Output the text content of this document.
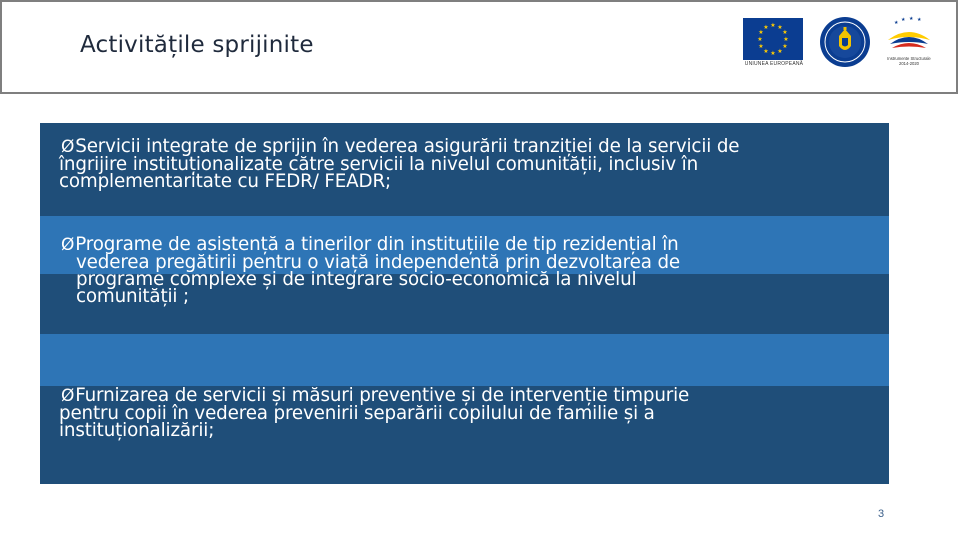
Activitățile sprijinite
★ ★
★
★
★
★
★
★
★
★
★
★
UNIUNEA EUROPEANĂ
★ ★ ★ ★
Instrumente Structurale 2014-2020
ØServicii integrate de sprijin în vederea asigurării tranziției de la servicii de
îngrijire instituționalizate către servicii la nivelul comunității, inclusiv în
complementaritate cu FEDR/ FEADR;
ØPrograme de asistență a tinerilor din instituțiile de tip rezidențial în
vederea pregătirii pentru o viață independentă prin dezvoltarea de
programe complexe și de integrare socio-economică la nivelul
comunității ;
ØFurnizarea de servicii și măsuri preventive și de intervenție timpurie
pentru copii în vederea prevenirii separării copilului de familie și a
instituționalizării;
3
